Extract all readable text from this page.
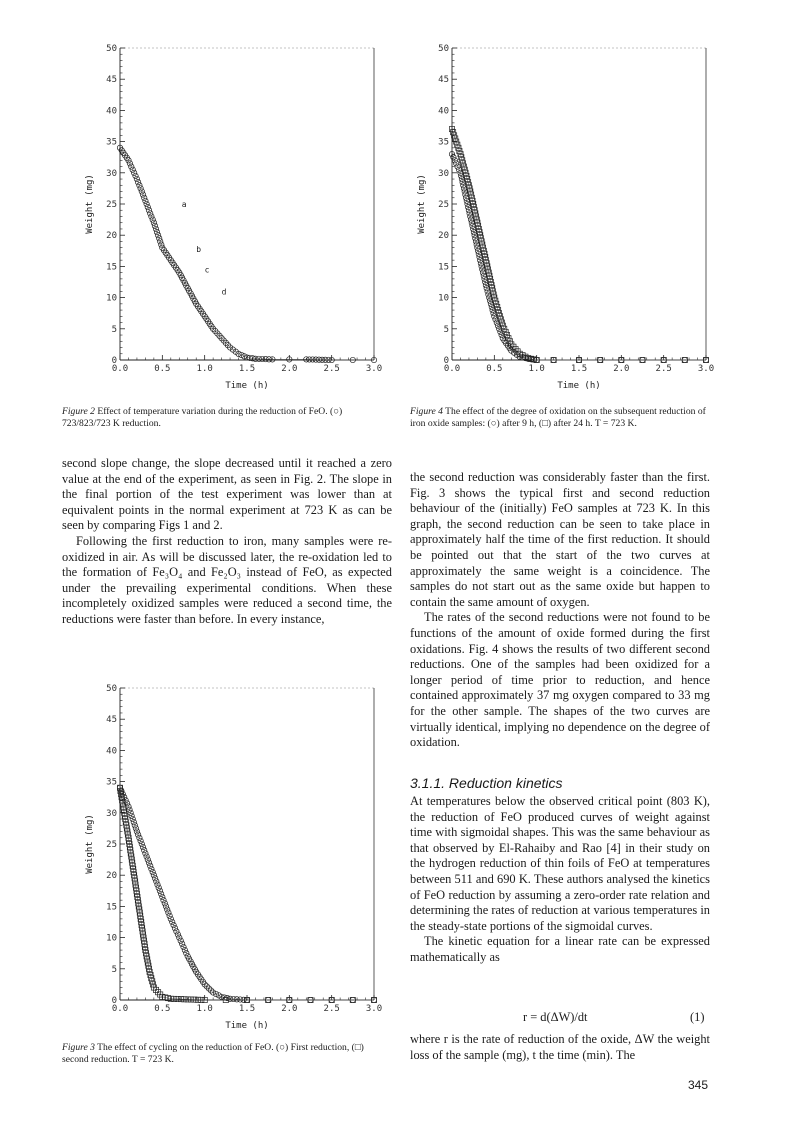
0
5
10
15
20
25
30
35
40
45
50
0.0	0.5	1.0	1.5	2.0	2.5	3.0
Time (h)
Weight (mg)	a
b
c
d
Figure 2 Effect of temperature variation during the reduction of FeO. (○) 723/823/723 K reduction.
0
5
10
15
20
25
30
35
40
45
50
0.0	0.5	1.0	1.5	2.0	2.5	3.0
Time (h)
Weight (mg)
Figure 4 The effect of the degree of oxidation on the subsequent reduction of iron oxide samples: (○) after 9 h, (□) after 24 h. T = 723 K.

second slope change, the slope decreased until it reached a zero value at the end of the experiment, as seen in Fig. 2. The slope in the final portion of the test experiment was lower than at equivalent points in the normal experiment at 723 K as can be seen by comparing Figs 1 and 2.

Following the first reduction to iron, many samples were re-oxidized in air. As will be discussed later, the re-oxidation led to the formation of Fe₃O₄ and Fe₂O₃ instead of FeO, as expected under the prevailing experimental conditions. When these incompletely oxidized samples were reduced a second time, the reductions were faster than before. In every instance,

0
5
10
15
20
25
30
35
40
45
50
0.0	0.5	1.0	1.5	2.0	2.5	3.0
Time (h)
Weight (mg)
Figure 3 The effect of cycling on the reduction of FeO. (○) First reduction, (□) second reduction. T = 723 K.

the second reduction was considerably faster than the first. Fig. 3 shows the typical first and second reduction behaviour of the (initially) FeO samples at 723 K. In this graph, the second reduction can be seen to take place in approximately half the time of the first reduction. It should be pointed out that the start of the two curves at approximately the same weight is a coincidence. The samples do not start out as the same oxide but happen to contain the same amount of oxygen.

The rates of the second reductions were not found to be functions of the amount of oxide formed during the first oxidations. Fig. 4 shows the results of two different second reductions. One of the samples had been oxidized for a longer period of time prior to reduction, and hence contained approximately 37 mg oxygen compared to 33 mg for the other sample. The shapes of the two curves are virtually identical, implying no dependence on the degree of oxidation.

3.1.1. Reduction kinetics

At temperatures below the observed critical point (803 K), the reduction of FeO produced curves of weight against time with sigmoidal shapes. This was the same behaviour as that observed by El-Rahaiby and Rao [4] in their study on the hydrogen reduction of thin foils of FeO at temperatures between 511 and 690 K. These authors analysed the kinetics of FeO reduction by assuming a zero-order rate relation and determining the rates of reduction at various temperatures in the steady-state portions of the sigmoidal curves.

The kinetic equation for a linear rate can be expressed mathematically as

r = d(ΔW)/dt	(1)

where r is the rate of reduction of the oxide, ΔW the weight loss of the sample (mg), t the time (min). The

345
